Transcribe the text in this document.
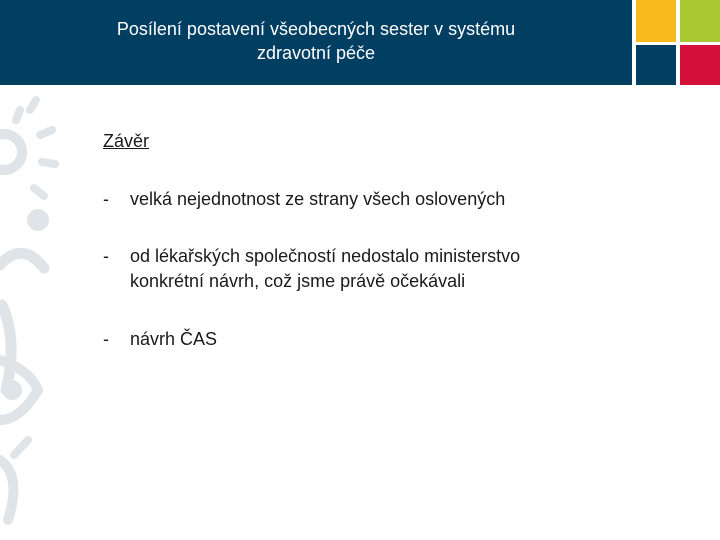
Posílení postavení všeobecných sester v systému
zdravotní péče
Závěr
- velká nejednotnost ze strany všech oslovených
- od lékařských společností nedostalo ministerstvo
konkrétní návrh, což jsme právě očekávali
- návrh ČAS
